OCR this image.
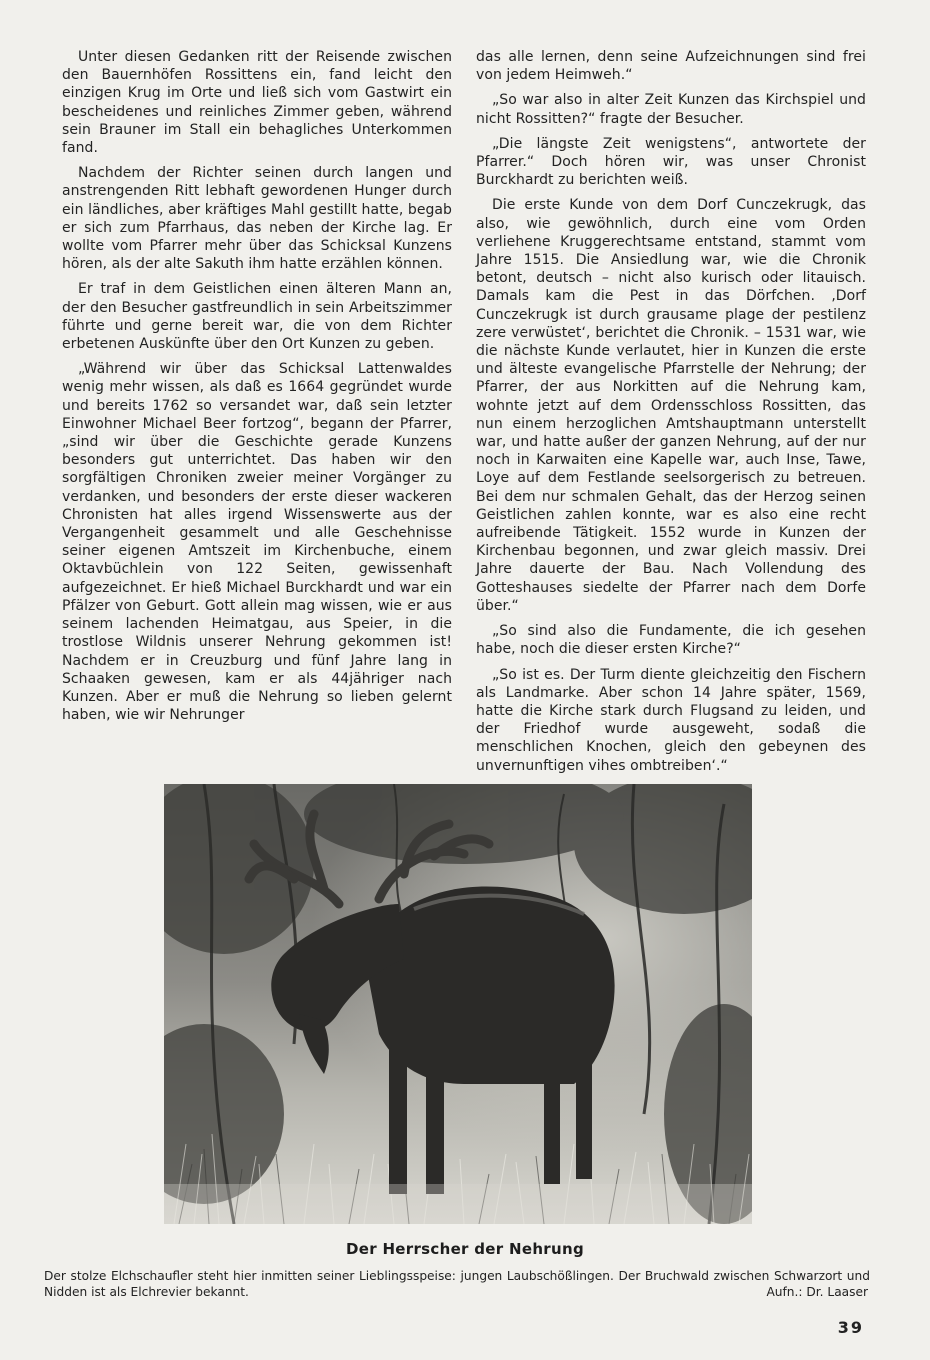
Unter diesen Gedanken ritt der Reisende zwischen den Bauernhöfen Rossittens ein, fand leicht den einzigen Krug im Orte und ließ sich vom Gastwirt ein bescheidenes und reinliches Zimmer geben, während sein Brauner im Stall ein behagliches Unterkommen fand.

Nachdem der Richter seinen durch langen und anstrengenden Ritt lebhaft gewordenen Hunger durch ein ländliches, aber kräftiges Mahl gestillt hatte, begab er sich zum Pfarrhaus, das neben der Kirche lag. Er wollte vom Pfarrer mehr über das Schicksal Kunzens hören, als der alte Sakuth ihm hatte erzählen können.

Er traf in dem Geistlichen einen älteren Mann an, der den Besucher gastfreundlich in sein Arbeitszimmer führte und gerne bereit war, die von dem Richter erbetenen Auskünfte über den Ort Kunzen zu geben.

„Während wir über das Schicksal Lattenwaldes wenig mehr wissen, als daß es 1664 gegründet wurde und bereits 1762 so versandet war, daß sein letzter Einwohner Michael Beer fortzog“, begann der Pfarrer, „sind wir über die Geschichte gerade Kunzens besonders gut unterrichtet. Das haben wir den sorgfältigen Chroniken zweier meiner Vorgänger zu verdanken, und besonders der erste dieser wackeren Chronisten hat alles irgend Wissenswerte aus der Vergangenheit gesammelt und alle Geschehnisse seiner eigenen Amtszeit im Kirchenbuche, einem Oktavbüchlein von 122 Seiten, gewissenhaft aufgezeichnet. Er hieß Michael Burckhardt und war ein Pfälzer von Geburt. Gott allein mag wissen, wie er aus seinem lachenden Heimatgau, aus Speier, in die trostlose Wildnis unserer Nehrung gekommen ist! Nachdem er in Creuzburg und fünf Jahre lang in Schaaken gewesen, kam er als 44jähriger nach Kunzen. Aber er muß die Nehrung so lieben gelernt haben, wie wir Nehrunger

das alle lernen, denn seine Aufzeichnungen sind frei von jedem Heimweh.“

„So war also in alter Zeit Kunzen das Kirchspiel und nicht Rossitten?“ fragte der Besucher.

„Die längste Zeit wenigstens“, antwortete der Pfarrer.“ Doch hören wir, was unser Chronist Burckhardt zu berichten weiß.

Die erste Kunde von dem Dorf Cunczekrugk, das also, wie gewöhnlich, durch eine vom Orden verliehene Kruggerechtsame entstand, stammt vom Jahre 1515. Die Ansiedlung war, wie die Chronik betont, deutsch – nicht also kurisch oder litauisch. Damals kam die Pest in das Dörfchen. ‚Dorf Cunczekrugk ist durch grausame plage der pestilenz zere verwüstet‘, berichtet die Chronik. – 1531 war, wie die nächste Kunde verlautet, hier in Kunzen die erste und älteste evangelische Pfarrstelle der Nehrung; der Pfarrer, der aus Norkitten auf die Nehrung kam, wohnte jetzt auf dem Ordensschloss Rossitten, das nun einem herzoglichen Amtshauptmann unterstellt war, und hatte außer der ganzen Nehrung, auf der nur noch in Karwaiten eine Kapelle war, auch Inse, Tawe, Loye auf dem Festlande seelsorgerisch zu betreuen. Bei dem nur schmalen Gehalt, das der Herzog seinen Geistlichen zahlen konnte, war es also eine recht aufreibende Tätigkeit. 1552 wurde in Kunzen der Kirchenbau begonnen, und zwar gleich massiv. Drei Jahre dauerte der Bau. Nach Vollendung des Gotteshauses siedelte der Pfarrer nach dem Dorfe über.“

„So sind also die Fundamente, die ich gesehen habe, noch die dieser ersten Kirche?“

„So ist es. Der Turm diente gleichzeitig den Fischern als Landmarke. Aber schon 14 Jahre später, 1569, hatte die Kirche stark durch Flugsand zu leiden, und der Friedhof wurde ausgeweht, sodaß die menschlichen Knochen, gleich den gebeynen des unvernunftigen vihes ombtreiben‘.“

Der Herrscher der Nehrung
Der stolze Elchschaufler steht hier inmitten seiner Lieblingsspeise: jungen Laubschößlingen. Der Bruchwald zwischen Schwarzort und Nidden ist als Elchrevier bekannt.	Aufn.: Dr. Laaser
39
